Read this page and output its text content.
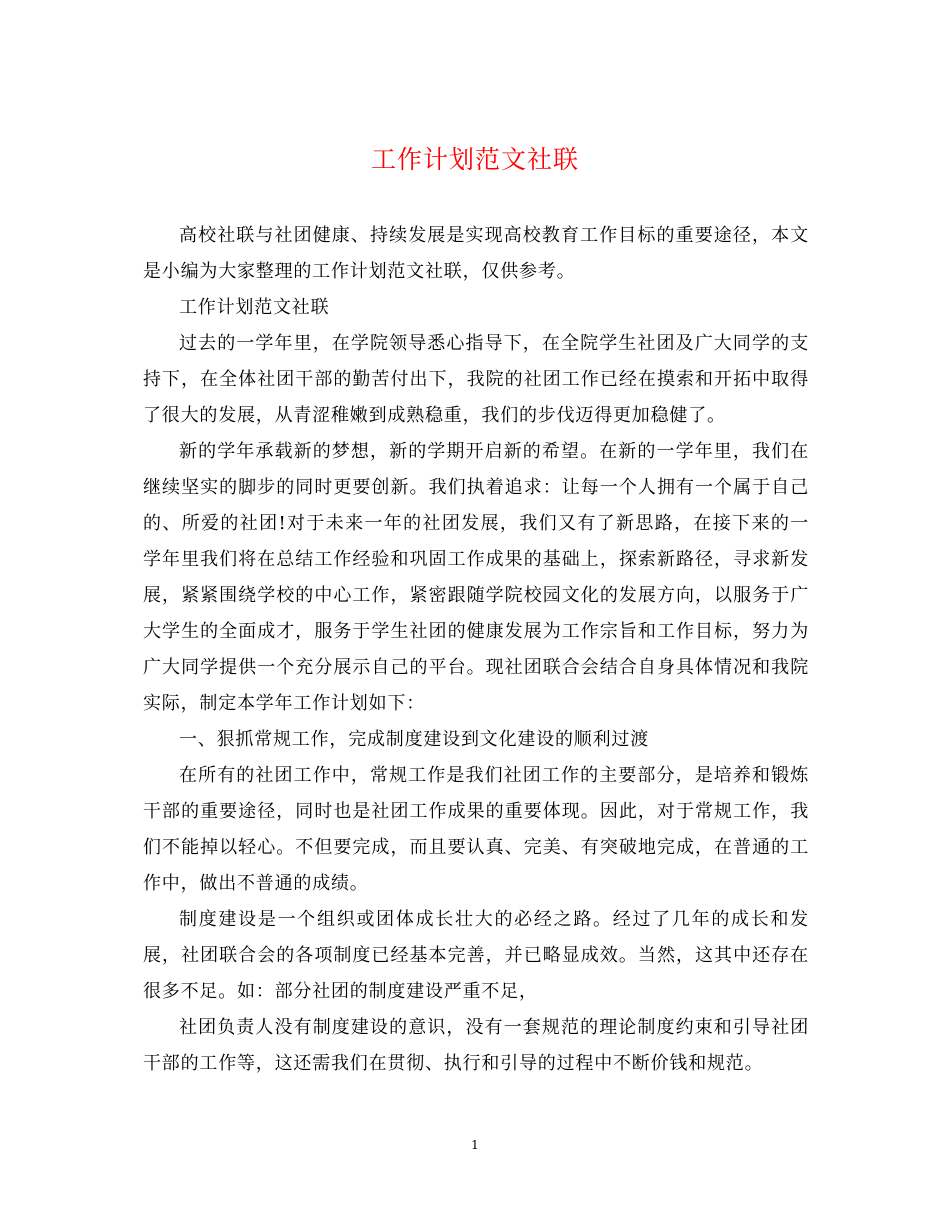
工作计划范文社联

高校社联与社团健康、持续发展是实现高校教育工作目标的重要途径，本文是小编为大家整理的工作计划范文社联，仅供参考。

工作计划范文社联

过去的一学年里，在学院领导悉心指导下，在全院学生社团及广大同学的支持下，在全体社团干部的勤苦付出下，我院的社团工作已经在摸索和开拓中取得了很大的发展，从青涩稚嫩到成熟稳重，我们的步伐迈得更加稳健了。

新的学年承载新的梦想，新的学期开启新的希望。在新的一学年里，我们在继续坚实的脚步的同时更要创新。我们执着追求：让每一个人拥有一个属于自己的、所爱的社团!对于未来一年的社团发展，我们又有了新思路，在接下来的一学年里我们将在总结工作经验和巩固工作成果的基础上，探索新路径，寻求新发展，紧紧围绕学校的中心工作，紧密跟随学院校园文化的发展方向，以服务于广大学生的全面成才，服务于学生社团的健康发展为工作宗旨和工作目标，努力为广大同学提供一个充分展示自己的平台。现社团联合会结合自身具体情况和我院实际，制定本学年工作计划如下：

一、狠抓常规工作，完成制度建设到文化建设的顺利过渡

在所有的社团工作中，常规工作是我们社团工作的主要部分，是培养和锻炼干部的重要途径，同时也是社团工作成果的重要体现。因此，对于常规工作，我们不能掉以轻心。不但要完成，而且要认真、完美、有突破地完成，在普通的工作中，做出不普通的成绩。

制度建设是一个组织或团体成长壮大的必经之路。经过了几年的成长和发展，社团联合会的各项制度已经基本完善，并已略显成效。当然，这其中还存在很多不足。如：部分社团的制度建设严重不足，

社团负责人没有制度建设的意识，没有一套规范的理论制度约束和引导社团干部的工作等，这还需我们在贯彻、执行和引导的过程中不断价钱和规范。

1
